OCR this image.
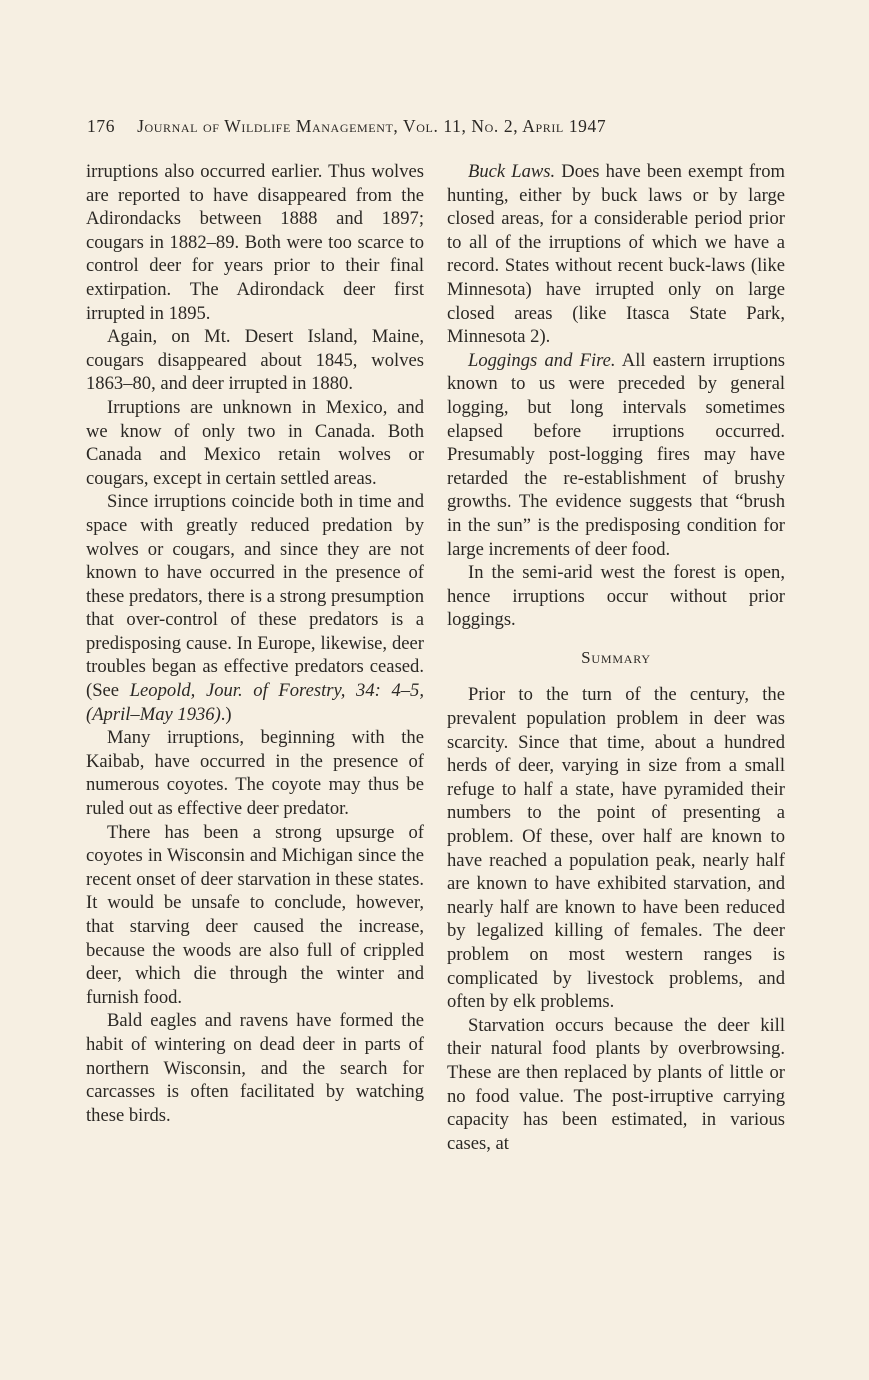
176 Journal of Wildlife Management, Vol. 11, No. 2, April 1947

irruptions also occurred earlier. Thus wolves are reported to have disappeared from the Adirondacks between 1888 and 1897; cougars in 1882–89. Both were too scarce to control deer for years prior to their final extirpation. The Adirondack deer first irrupted in 1895.

Again, on Mt. Desert Island, Maine, cougars disappeared about 1845, wolves 1863–80, and deer irrupted in 1880.

Irruptions are unknown in Mexico, and we know of only two in Canada. Both Canada and Mexico retain wolves or cougars, except in certain settled areas.

Since irruptions coincide both in time and space with greatly reduced predation by wolves or cougars, and since they are not known to have occurred in the presence of these predators, there is a strong presumption that over-control of these predators is a predisposing cause. In Europe, likewise, deer troubles began as effective predators ceased. (See Leopold, Jour. of Forestry, 34: 4–5, (April–May 1936).)

Many irruptions, beginning with the Kaibab, have occurred in the presence of numerous coyotes. The coyote may thus be ruled out as effective deer predator.

There has been a strong upsurge of coyotes in Wisconsin and Michigan since the recent onset of deer starvation in these states. It would be unsafe to conclude, however, that starving deer caused the increase, because the woods are also full of crippled deer, which die through the winter and furnish food.

Bald eagles and ravens have formed the habit of wintering on dead deer in parts of northern Wisconsin, and the search for carcasses is often facilitated by watching these birds.

Buck Laws. Does have been exempt from hunting, either by buck laws or by large closed areas, for a considerable period prior to all of the irruptions of which we have a record. States without recent buck-laws (like Minnesota) have irrupted only on large closed areas (like Itasca State Park, Minnesota 2).

Loggings and Fire. All eastern irruptions known to us were preceded by general logging, but long intervals sometimes elapsed before irruptions occurred. Presumably post-logging fires may have retarded the re-establishment of brushy growths. The evidence suggests that “brush in the sun” is the predisposing condition for large increments of deer food.

In the semi-arid west the forest is open, hence irruptions occur without prior loggings.

Summary

Prior to the turn of the century, the prevalent population problem in deer was scarcity. Since that time, about a hundred herds of deer, varying in size from a small refuge to half a state, have pyramided their numbers to the point of presenting a problem. Of these, over half are known to have reached a population peak, nearly half are known to have exhibited starvation, and nearly half are known to have been reduced by legalized killing of females. The deer problem on most western ranges is complicated by livestock problems, and often by elk problems.

Starvation occurs because the deer kill their natural food plants by overbrowsing. These are then replaced by plants of little or no food value. The post-irruptive carrying capacity has been estimated, in various cases, at
